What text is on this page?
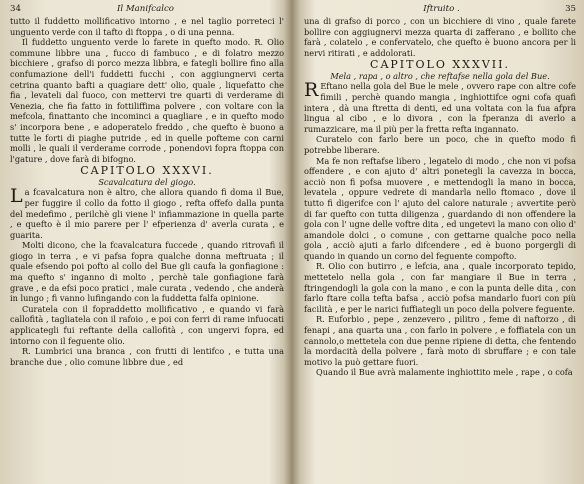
34	Il Manifcalco

tutto il fuddetto mollificativo intorno , e nel taglio porreteci l' unguento verde con il tafto di ftoppa , o di una penna.

Il fuddetto unguento verde lo farete in quefto modo. R. Olio commune libbre una , fucco di fambuco , e di folatro mezzo bicchiere , grafso di porco mezza libbra, e fategli bollire fino alla confumazione dell'i fuddetti fucchi , con aggiungnervi certa cetrina quanto bafti a quagiare dett' olio, quale , liquefatto che fia , levateli dal fuoco, con mettervi tre quarti di verderame di Venezia, che fia fatto in fottiliffima polvere , con voltare con la mefcola, finattanto che incominci a quagliare , e in quefto modo s' incorpora bene , e adoperatelo freddo , che quefto è buono a tutte le forti di piaghe putride , ed in quelle pofteme con carni molli , le quali il verderame corrode , ponendovi fopra ftoppa con l'gature , dove farà di bifogno.

CAPITOLO XXXVI.
Scavalcatura del giogo.

La fcavalcatura non è altro, che allora quando fi doma il Bue, per fuggire il collo da fotto il giogo , refta offefo dalla punta del medefimo , perilchè gli viene l' infiammazione in quella parte , e quefto è il mio parere per l' efperienza d' averla curata , e guarita.

Molti dicono, che la fcavalcatura fuccede , quando ritrovafi il giogo in terra , e vi pafsa fopra qualche donna meftruata ; il quale efsendo poi pofto al collo del Bue gli caufa la gonfiagione : ma quefto s' inganno di molto , perchè tale gonfiagione farà grave , e da efsi poco pratici , male curata , vedendo , che anderà in lungo ; fi vanno lufingando con la fuddetta falfa opinione.

Curatela con il fopraddetto mollificativo , e quando vi farà callofità , tagliatela con il rafoio , e poi con ferri di rame infuocati applicategli fui reftante della callofità , con ungervi fopra, ed intorno con il feguente olio.

R. Lumbrici una branca , con frutti di lentifco , e tutta una branche due , olio comune libbre due , ed

Iftruito .	35

una di grafso di porco , con un bicchiere di vino , quale farete bollire con aggiugnervi mezza quarta di zafferano , e bollito che farà , colatelo , e confervatelo, che quefto è buono ancora per li nervi ritirati , e addolorati.

CAPITOLO XXXVII.
Mela , rapa , o altro , che reftafse nella gola del Bue.

REftano nella gola del Bue le mele , ovvero rape con altre cofe fimili , perchè quando mangia , inghiottifce ogni cofa quafi intera , dà una ftretta di denti, ed una voltata con la fua afpra lingua al cibo , e lo divora , con la fperanza di averlo a rumazzicare, ma il più per la fretta refta ingannato.

Curatelo con farlo bere un poco, che in quefto modo fi potrebbe liberare.

Ma fe non reftafse libero , legatelo di modo , che non vi pofsa offendere , e con ajuto d' altri ponetegli la cavezza in bocca, acciò non fi pofsa muovere , e mettendogli la mano in bocca, levatela , oppure vedrete di mandarla nello ftomaco , dove il tutto fi digerifce con l' ajuto del calore naturale ; avvertite però di far quefto con tutta diligenza , guardando di non offendere la gola con l' ugne delle voftre dita , ed ungetevi la mano con olio d' amandole dolci , o comune , con gettarne qualche poco nella gola , acciò ajuti a farlo difcendere , ed è buono porgergli di quando in quando un corno del feguente compofto.

R. Olio con butirro , e lefcia, ana , quale incorporato tepido, mettetelo nella gola , con far mangiare il Bue in terra , ftringendogli la gola con la mano , e con la punta delle dita , con farlo ftare colla tefta bafsa , acciò pofsa mandarlo fuori con più facilità , e per le narici fuffiategli un poco della polvere feguente.

R. Euforbio , pepe , zenzevero , pilitro , feme di naftorzo , di fenapi , ana quarta una , con farlo in polvere , e foffiatela con un cannolo,o mettetela con due penne ripiene di detta, che fentendo la mordacità della polvere , farà moto di sbruffare ; e con tale motivo la può gettare fuori.

Quando il Bue avrà malamente inghiottito mele , rape , o cofa
